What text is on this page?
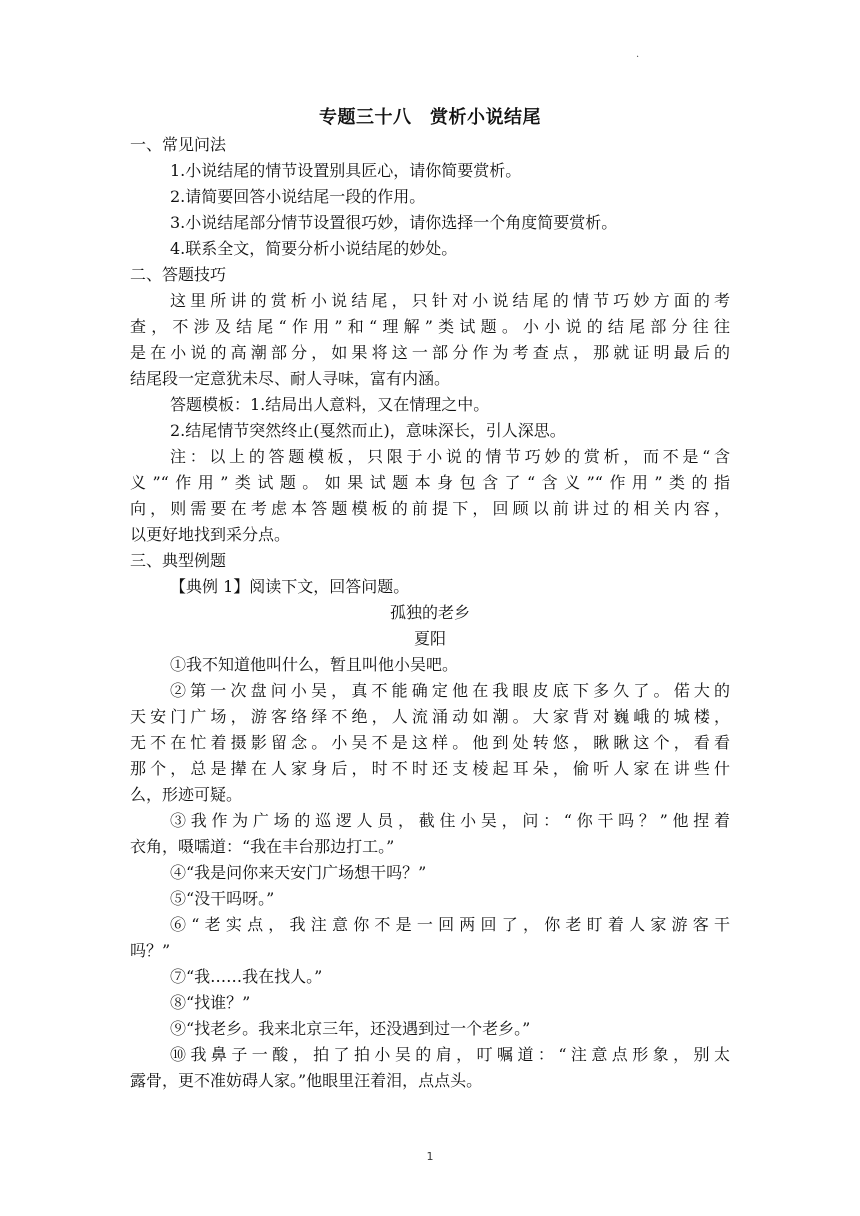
·

专题三十八　赏析小说结尾

一、常见问法

1.小说结尾的情节设置别具匠心，请你简要赏析。

2.请简要回答小说结尾一段的作用。

3.小说结尾部分情节设置很巧妙，请你选择一个角度简要赏析。

4.联系全文，简要分析小说结尾的妙处。

二、答题技巧

这里所讲的赏析小说结尾，只针对小说结尾的情节巧妙方面的考

查，不涉及结尾“作用”和“理解”类试题。小小说的结尾部分往往

是在小说的高潮部分，如果将这一部分作为考查点，那就证明最后的

结尾段一定意犹未尽、耐人寻味，富有内涵。

答题模板：1.结局出人意料，又在情理之中。

2.结尾情节突然终止(戛然而止)，意味深长，引人深思。

注：以上的答题模板，只限于小说的情节巧妙的赏析，而不是“含

义”“作用”类试题。如果试题本身包含了“含义”“作用”类的指

向，则需要在考虑本答题模板的前提下，回顾以前讲过的相关内容，

以更好地找到采分点。

三、典型例题

【典例 1】阅读下文，回答问题。

孤独的老乡

夏阳

①我不知道他叫什么，暂且叫他小吴吧。

②第一次盘问小吴，真不能确定他在我眼皮底下多久了。偌大的

天安门广场，游客络绎不绝，人流涌动如潮。大家背对巍峨的城楼，

无不在忙着摄影留念。小吴不是这样。他到处转悠，瞅瞅这个，看看

那个，总是撵在人家身后，时不时还支棱起耳朵，偷听人家在讲些什

么，形迹可疑。

③我作为广场的巡逻人员，截住小吴，问：“你干吗？”他捏着

衣角，嗫嚅道：“我在丰台那边打工。”

④“我是问你来天安门广场想干吗？”

⑤“没干吗呀。”

⑥“老实点，我注意你不是一回两回了，你老盯着人家游客干

吗？”

⑦“我……我在找人。”

⑧“找谁？”

⑨“找老乡。我来北京三年，还没遇到过一个老乡。”

⑩我鼻子一酸，拍了拍小吴的肩，叮嘱道：“注意点形象，别太

露骨，更不准妨碍人家。”他眼里汪着泪，点点头。

1
